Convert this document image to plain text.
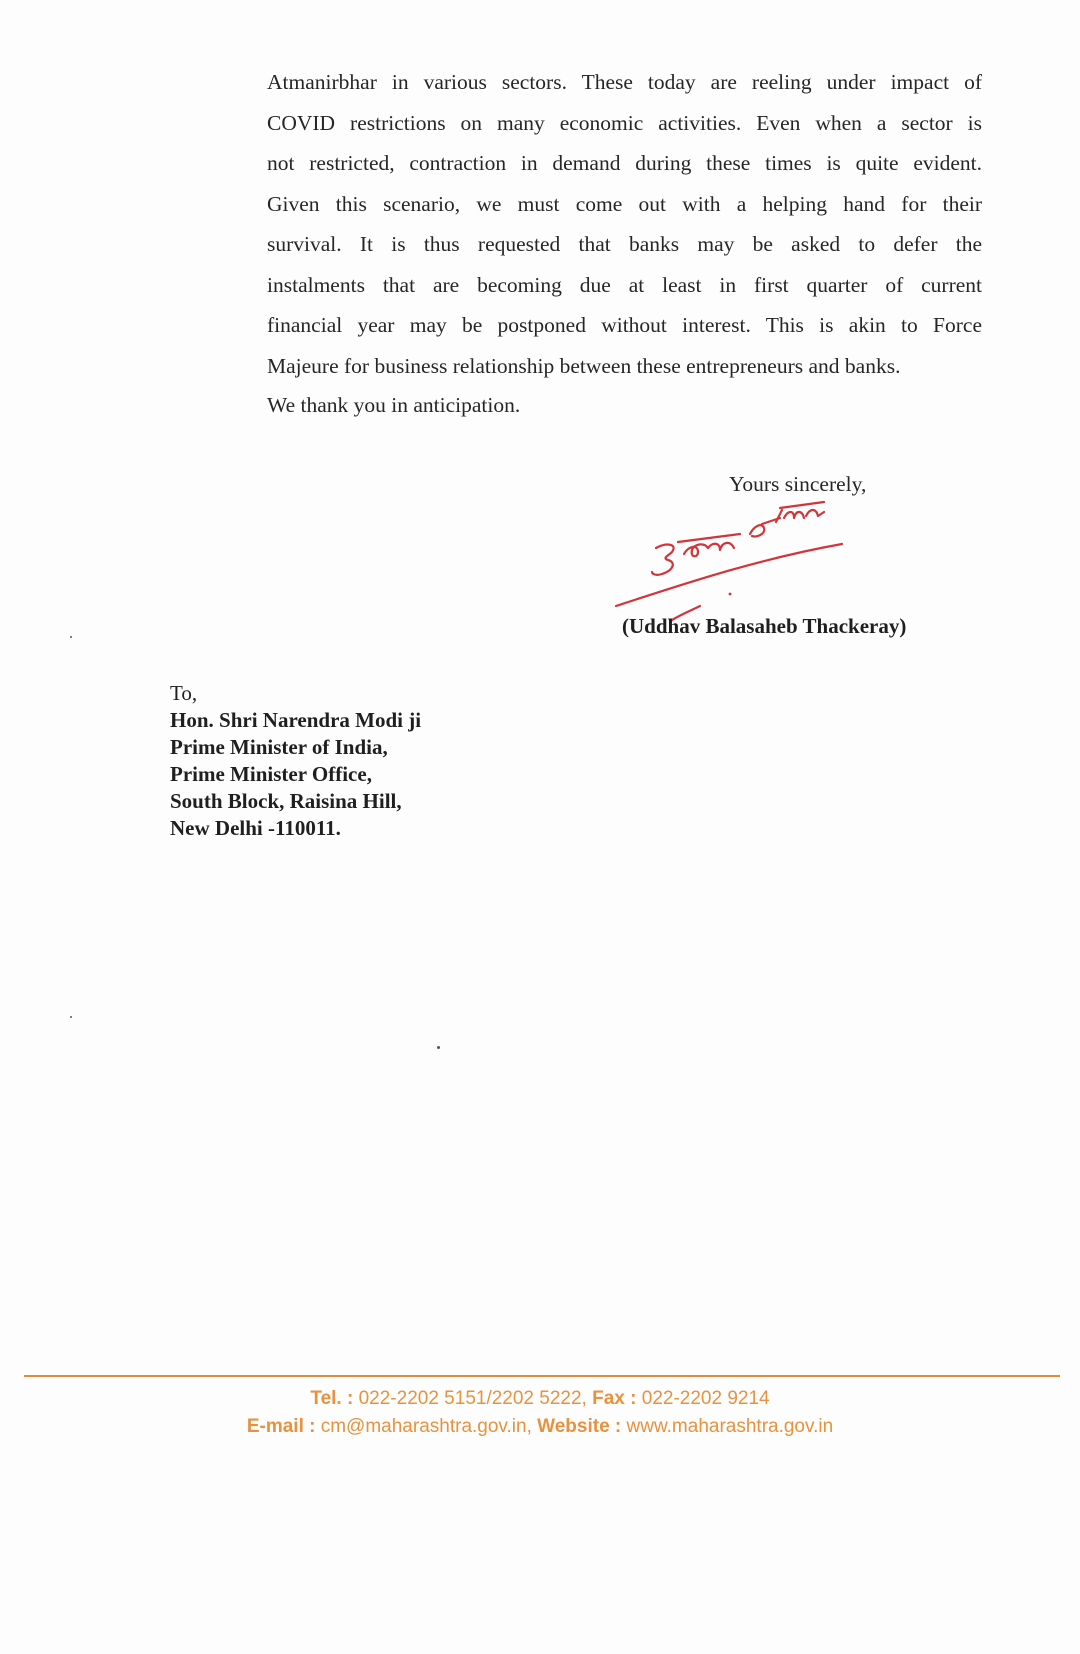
Atmanirbhar in various sectors. These today are reeling under impact of
COVID restrictions on many economic activities. Even when a sector is
not restricted, contraction in demand during these times is quite evident.
Given this scenario, we must come out with a helping hand for their
survival. It is thus requested that banks may be asked to defer the
instalments that are becoming due at least in first quarter of current
financial year may be postponed without interest. This is akin to Force
Majeure for business relationship between these entrepreneurs and banks.

We thank you in anticipation.

Yours sincerely,

(Uddhav Balasaheb Thackeray)

To,
Hon. Shri Narendra Modi ji
Prime Minister of India,
Prime Minister Office,
South Block, Raisina Hill,
New Delhi -110011.

Tel. : 022-2202 5151/2202 5222, Fax : 022-2202 9214

E-mail : cm@maharashtra.gov.in, Website : www.maharashtra.gov.in
